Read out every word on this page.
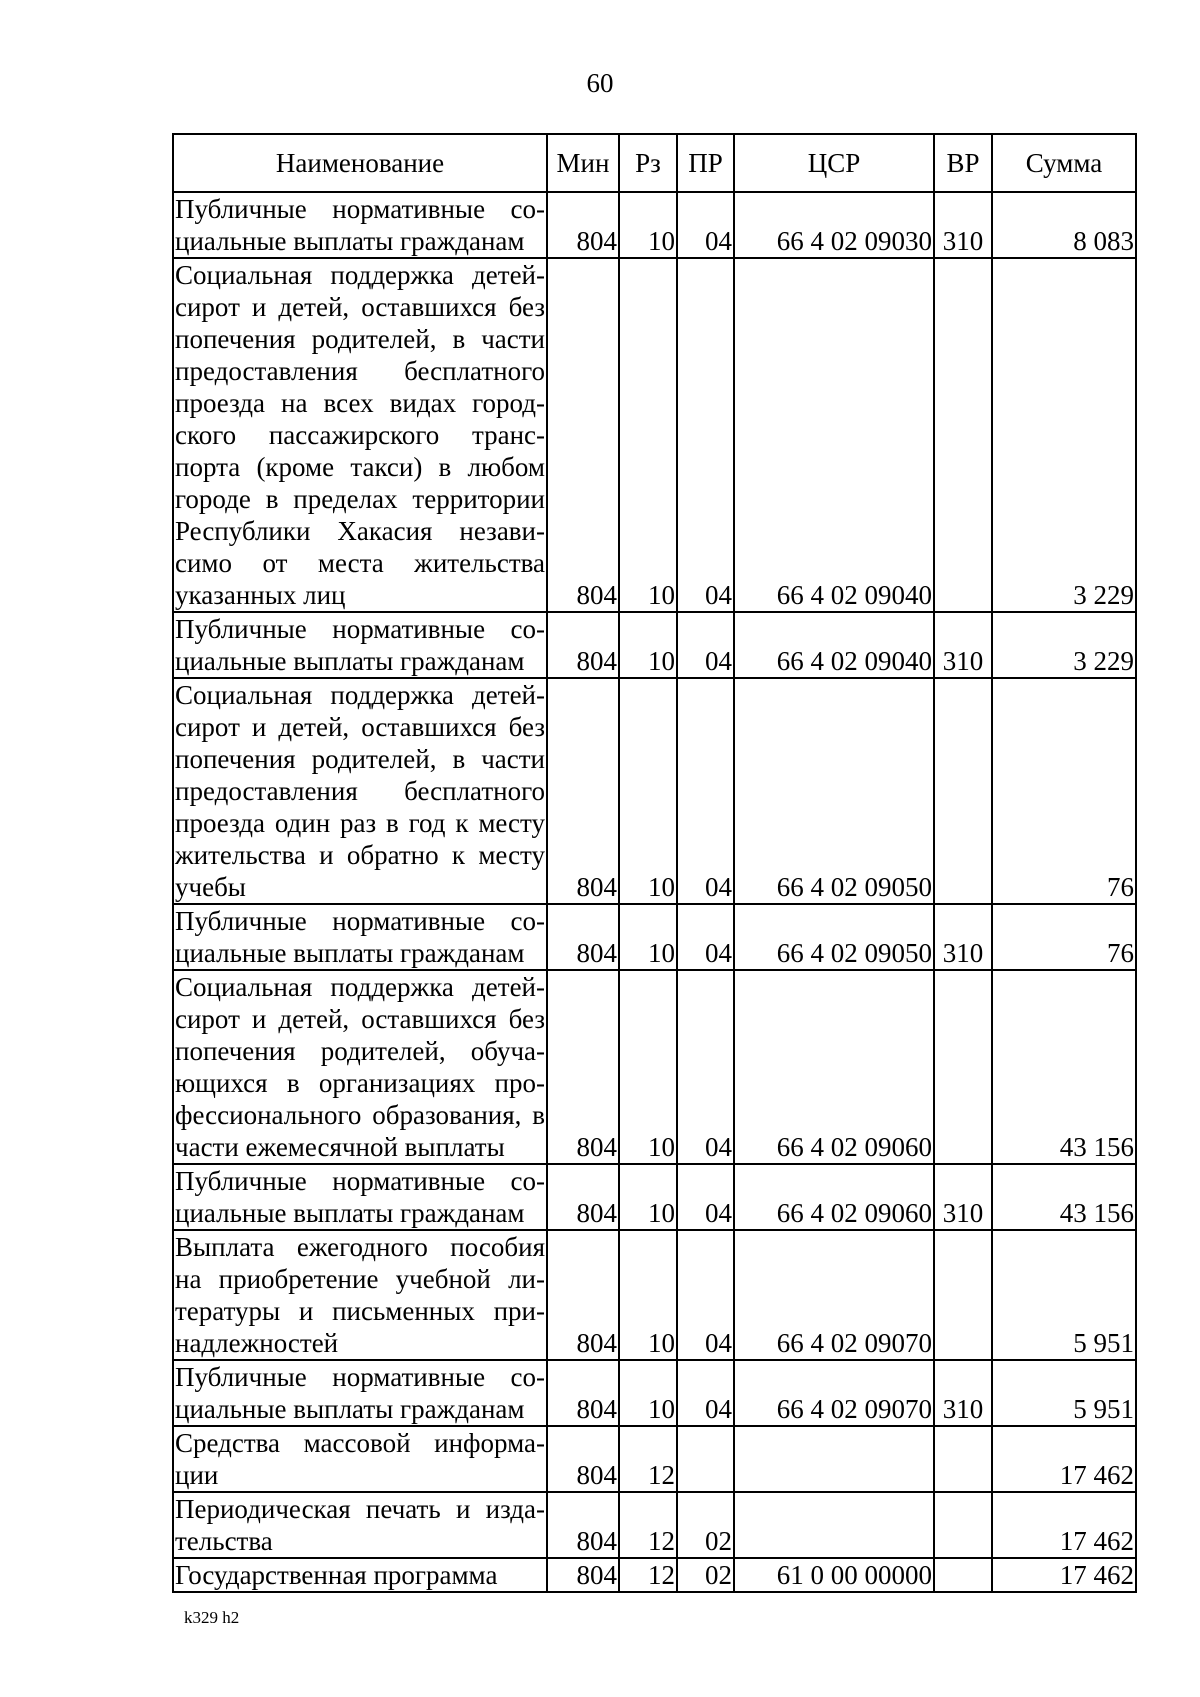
60
Наименование	Мин	Рз	ПР	ЦСР	ВР	Сумма
Публичные нормативные со-циальные выплаты гражданам	804	10	04	66 4 02 09030	310	8 083
Социальная поддержка детей-сирот и детей, оставшихся без попечения родителей, в части предоставления бесплатного проезда на всех видах город-ского пассажирского транс-порта (кроме такси) в любом городе в пределах территории Республики Хакасия незави-симо от места жительства указанных лиц	804	10	04	66 4 02 09040		3 229
Публичные нормативные со-циальные выплаты гражданам	804	10	04	66 4 02 09040	310	3 229
Социальная поддержка детей-сирот и детей, оставшихся без попечения родителей, в части предоставления бесплатного проезда один раз в год к месту жительства и обратно к месту учебы	804	10	04	66 4 02 09050		76
Публичные нормативные со-циальные выплаты гражданам	804	10	04	66 4 02 09050	310	76
Социальная поддержка детей-сирот и детей, оставшихся без попечения родителей, обуча-ющихся в организациях про-фессионального образования, в части ежемесячной выплаты	804	10	04	66 4 02 09060		43 156
Публичные нормативные со-циальные выплаты гражданам	804	10	04	66 4 02 09060	310	43 156
Выплата ежегодного пособия на приобретение учебной ли-тературы и письменных при-надлежностей	804	10	04	66 4 02 09070		5 951
Публичные нормативные со-циальные выплаты гражданам	804	10	04	66 4 02 09070	310	5 951
Средства массовой информа-ции	804	12				17 462
Периодическая печать и изда-тельства	804	12	02			17 462
Государственная программа	804	12	02	61 0 00 00000		17 462
k329 h2
